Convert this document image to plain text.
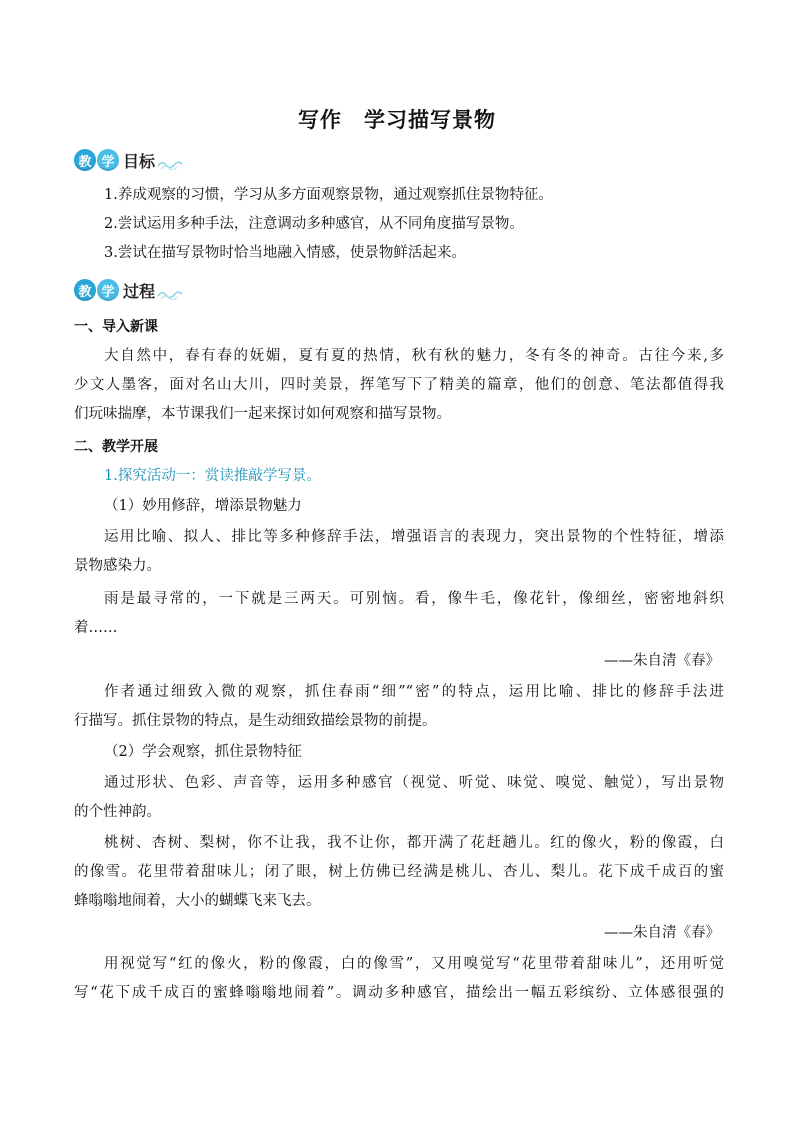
写作　学习描写景物
教 学 目标
1.养成观察的习惯，学习从多方面观察景物，通过观察抓住景物特征。
2.尝试运用多种手法，注意调动多种感官，从不同角度描写景物。
3.尝试在描写景物时恰当地融入情感，使景物鲜活起来。
教 学 过程
一、导入新课
大自然中，春有春的妩媚，夏有夏的热情，秋有秋的魅力，冬有冬的神奇。古往今来,多
少文人墨客，面对名山大川，四时美景，挥笔写下了精美的篇章，他们的创意、笔法都值得我
们玩味揣摩，本节课我们一起来探讨如何观察和描写景物。
二、教学开展
1.探究活动一：赏读推敲学写景。
（1）妙用修辞，增添景物魅力
运用比喻、拟人、排比等多种修辞手法，增强语言的表现力，突出景物的个性特征，增添
景物感染力。
雨是最寻常的，一下就是三两天。可别恼。看，像牛毛，像花针，像细丝，密密地斜织
着……
——朱自清《春》
作者通过细致入微的观察，抓住春雨“细”“密”的特点，运用比喻、排比的修辞手法进
行描写。抓住景物的特点，是生动细致描绘景物的前提。
（2）学会观察，抓住景物特征
通过形状、色彩、声音等，运用多种感官（视觉、听觉、味觉、嗅觉、触觉），写出景物
的个性神韵。
桃树、杏树、梨树，你不让我，我不让你，都开满了花赶趟儿。红的像火，粉的像霞，白
的像雪。花里带着甜味儿；闭了眼，树上仿佛已经满是桃儿、杏儿、梨儿。花下成千成百的蜜
蜂嗡嗡地闹着，大小的蝴蝶飞来飞去。
——朱自清《春》
用视觉写“红的像火，粉的像霞，白的像雪”，又用嗅觉写“花里带着甜味儿”，还用听觉
写“花下成千成百的蜜蜂嗡嗡地闹着”。调动多种感官，描绘出一幅五彩缤纷、立体感很强的
